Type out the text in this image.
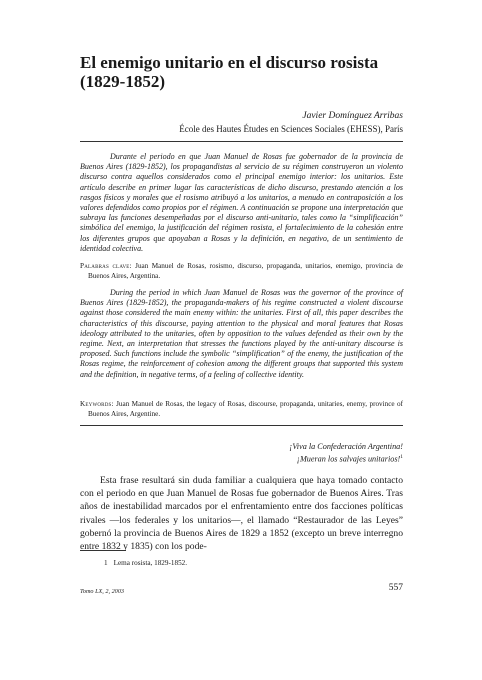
El enemigo unitario en el discurso rosista (1829-1852)
Javier Domínguez Arribas
École des Hautes Études en Sciences Sociales (EHESS), París

Durante el periodo en que Juan Manuel de Rosas fue gobernador de la provincia de Buenos Aires (1829-1852), los propagandistas al servicio de su régimen construyeron un violento discurso contra aquellos considerados como el principal enemigo interior: los unitarios. Este artículo describe en primer lugar las características de dicho discurso, prestando atención a los rasgos físicos y morales que el rosismo atribuyó a los unitarios, a menudo en contraposición a los valores defendidos como propios por el régimen. A continuación se propone una interpretación que subraya las funciones desempeñadas por el discurso anti-unitario, tales como la “simplificación” simbólica del enemigo, la justificación del régimen rosista, el fortalecimiento de la cohesión entre los diferentes grupos que apoyaban a Rosas y la definición, en negativo, de un sentimiento de identidad colectiva.

Palabras clave: Juan Manuel de Rosas, rosismo, discurso, propaganda, unitarios, enemigo, provincia de Buenos Aires, Argentina.

During the period in which Juan Manuel de Rosas was the governor of the province of Buenos Aires (1829-1852), the propaganda-makers of his regime constructed a violent discourse against those considered the main enemy within: the unitaries. First of all, this paper describes the characteristics of this discourse, paying attention to the physical and moral features that Rosas ideology attributed to the unitaries, often by opposition to the values defended as their own by the regime. Next, an interpretation that stresses the functions played by the anti-unitary discourse is proposed. Such functions include the symbolic “simplification” of the enemy, the justification of the Rosas regime, the reinforcement of cohesion among the different groups that supported this system and the definition, in negative terms, of a feeling of collective identity.

Keywords: Juan Manuel de Rosas, the legacy of Rosas, discourse, propaganda, unitaries, enemy, province of Buenos Aires, Argentine.

¡Viva la Confederación Argentina!
¡Mueran los salvajes unitarios!$^1$

Esta frase resultará sin duda familiar a cualquiera que haya tomado contacto con el periodo en que Juan Manuel de Rosas fue gobernador de Buenos Aires. Tras años de inestabilidad marcados por el enfrentamiento entre dos facciones políticas rivales —los federales y los unitarios—, el llamado “Restaurador de las Leyes” gobernó la provincia de Buenos Aires de 1829 a 1852 (excepto un breve interregno entre 1832 y 1835) con los pode-

1 Lema rosista, 1829-1852.

Tomo LX, 2, 2003	557
